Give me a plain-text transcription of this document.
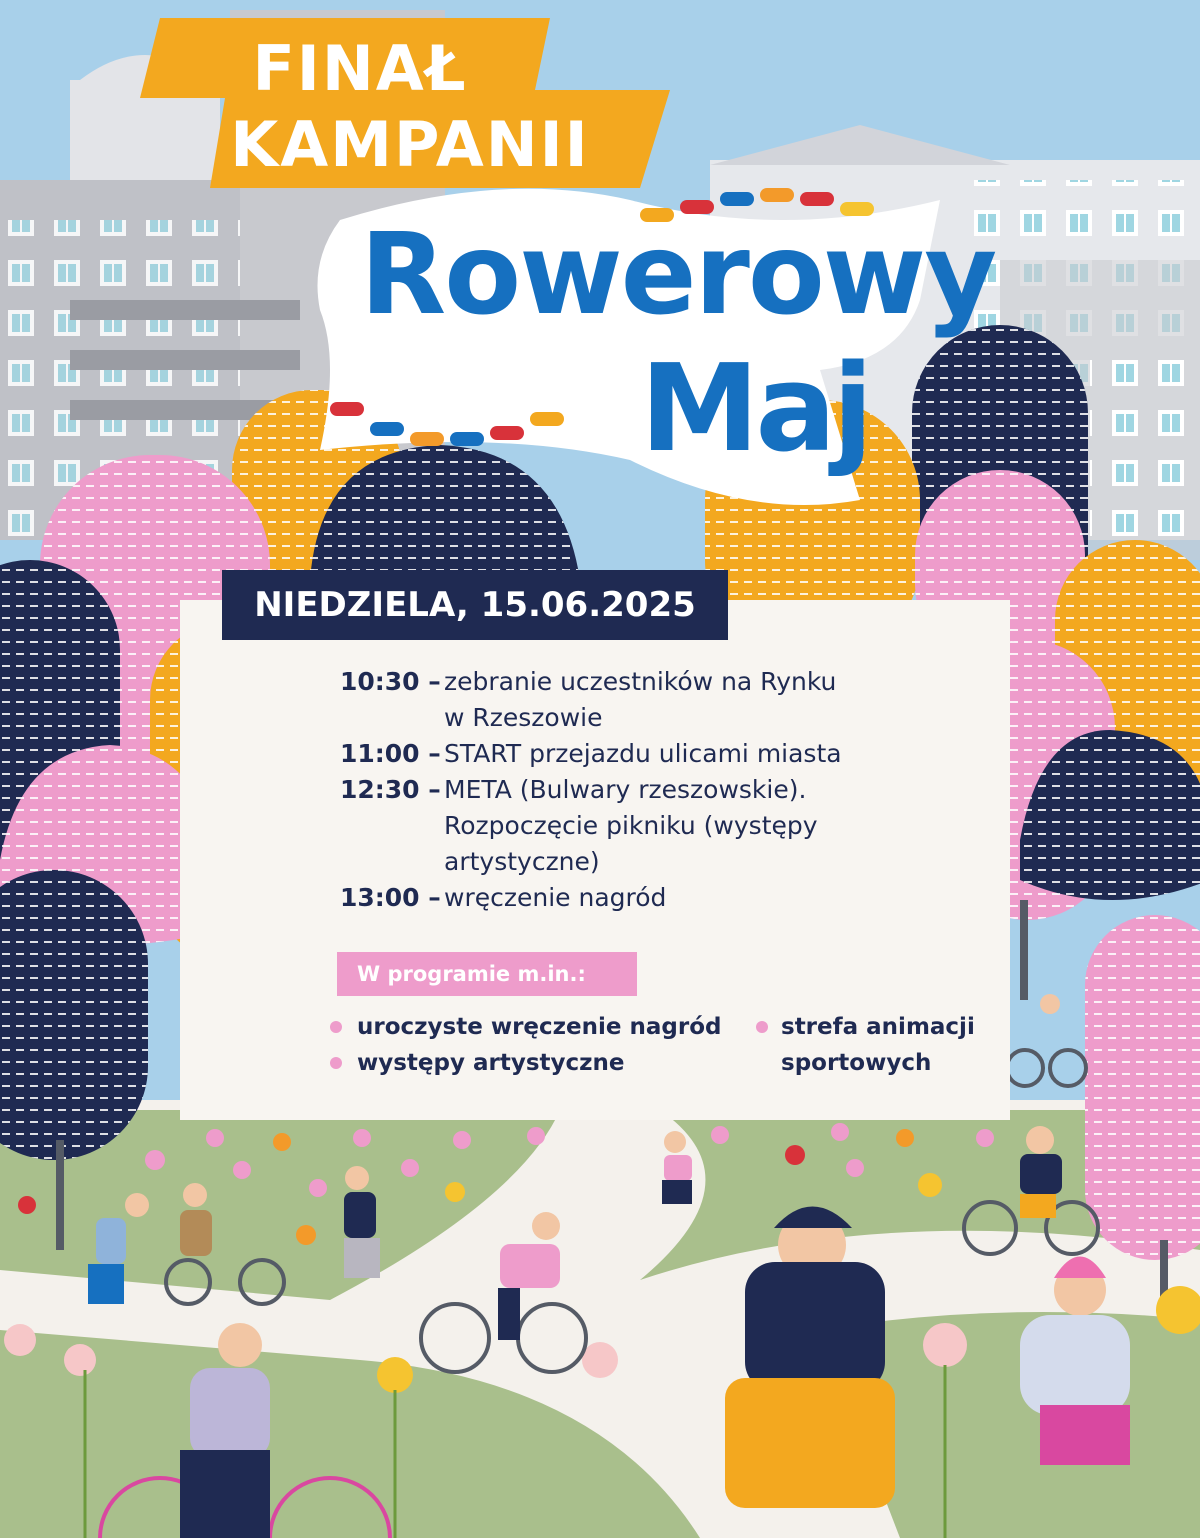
FINAŁ
KAMPANII
Rowerowy
Maj
NIEDZIELA, 15.06.2025
10:30 – zebranie uczestników na Rynku
w Rzeszowie
11:00 – START przejazdu ulicami miasta
12:30 – META (Bulwary rzeszowskie).
Rozpoczęcie pikniku (występy
artystyczne)
13:00 – wręczenie nagród
W programie m.in.:
uroczyste wręczenie nagród
występy artystyczne
strefa animacji
sportowych
